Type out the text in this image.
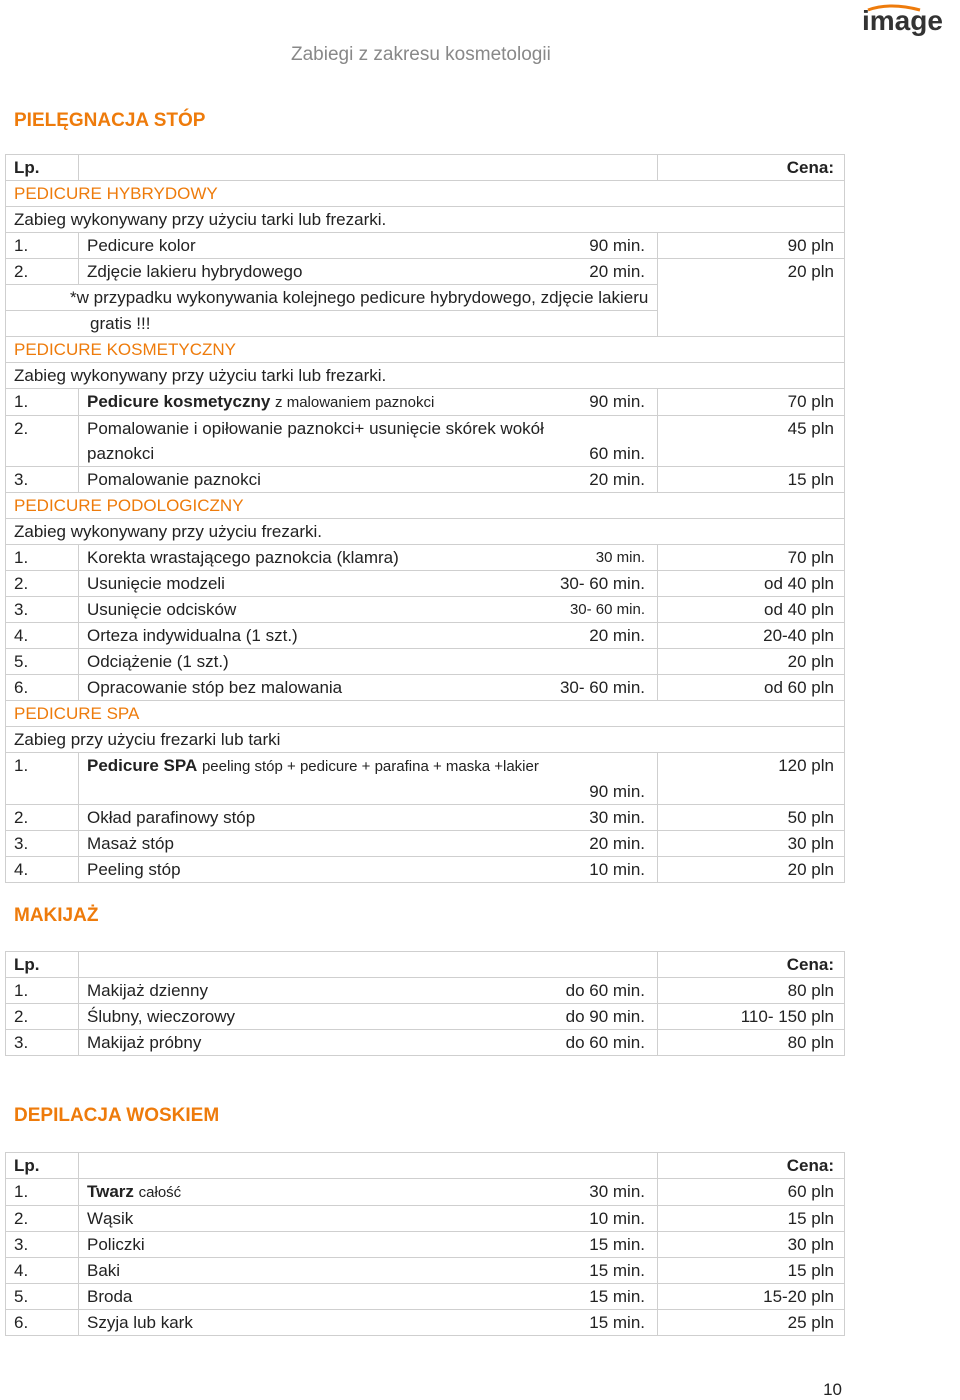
image
Zabiegi z zakresu kosmetologii
PIELĘGNACJA STÓP
Lp.		Cena:
PEDICURE HYBRYDOWY		
Zabieg wykonywany przy użyciu tarki lub frezarki.		
1.	Pedicure kolor 90 min.	90 pln
2.	Zdjęcie lakieru hybrydowego 20 min.	20 pln
*w przypadku wykonywania kolejnego pedicure hybrydowego, zdjęcie lakieru		
gratis !!!		
PEDICURE KOSMETYCZNY		
Zabieg wykonywany przy użyciu tarki lub frezarki.		
1.	Pedicure kosmetyczny z malowaniem paznokci 90 min.	70 pln
2.	Pomalowanie i opiłowanie paznokci+ usunięcie skórek wokół
paznokci 60 min.	45 pln
3.	Pomalowanie paznokci 20 min.	15 pln
PEDICURE PODOLOGICZNY		
Zabieg wykonywany przy użyciu frezarki.		
1.	Korekta wrastającego paznokcia (klamra) 30 min.	70 pln
2.	Usunięcie modzeli 30- 60 min.	od 40 pln
3.	Usunięcie odcisków 30- 60 min.	od 40 pln
4.	Orteza indywidualna (1 szt.) 20 min.	20-40 pln
5.	Odciążenie (1 szt.)	20 pln
6.	Opracowanie stóp bez malowania 30- 60 min.	od 60 pln
PEDICURE SPA		
Zabieg przy użyciu frezarki lub tarki		
1.	Pedicure SPA peeling stóp + pedicure + parafina + maska +lakier
90 min.	120 pln
2.	Okład parafinowy stóp 30 min.	50 pln
3.	Masaż stóp 20 min.	30 pln
4.	Peeling stóp 10 min.	20 pln
MAKIJAŻ
Lp.		Cena:
1.	Makijaż dzienny do 60 min.	80 pln
2.	Ślubny, wieczorowy do 90 min.	110- 150 pln
3.	Makijaż próbny do 60 min.	80 pln
DEPILACJA WOSKIEM
Lp.		Cena:
1.	Twarz całość 30 min.	60 pln
2.	Wąsik 10 min.	15 pln
3.	Policzki 15 min.	30 pln
4.	Baki 15 min.	15 pln
5.	Broda 15 min.	15-20 pln
6.	Szyja lub kark 15 min.	25 pln
10
